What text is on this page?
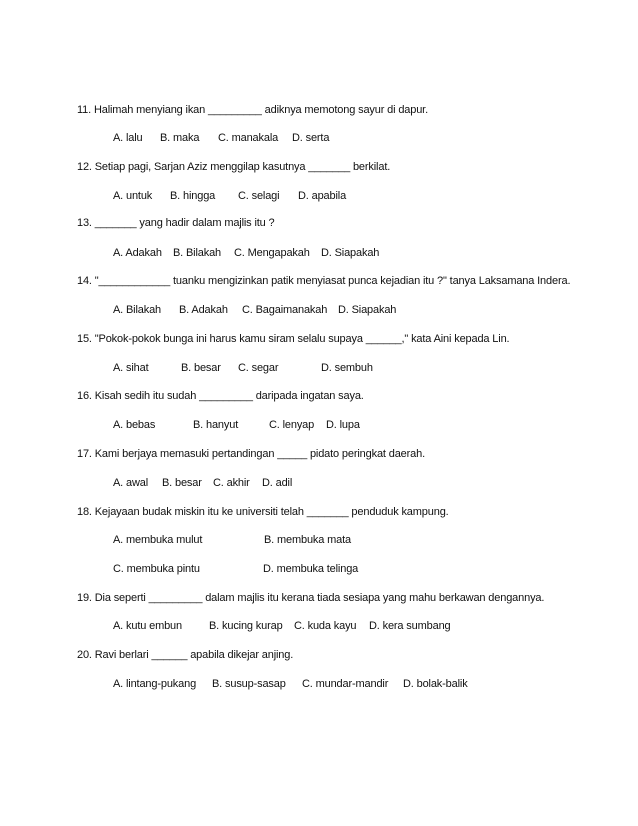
11. Halimah menyiang ikan _________ adiknya memotong sayur di dapur.
A. lalu B. maka C. manakala D. serta
12. Setiap pagi, Sarjan Aziz menggilap kasutnya _______ berkilat.
A. untuk B. hingga C. selagi D. apabila
13. _______ yang hadir dalam majlis itu ?
A. Adakah B. Bilakah C. Mengapakah D. Siapakah
14. "____________ tuanku mengizinkan patik menyiasat punca kejadian itu ?" tanya Laksamana Indera.
A. Bilakah B. Adakah C. Bagaimanakah D. Siapakah
15. "Pokok-pokok bunga ini harus kamu siram selalu supaya ______," kata Aini kepada Lin.
A. sihat	B. besar C. segar	D. sembuh
16. Kisah sedih itu sudah _________ daripada ingatan saya.
A. bebas	B. hanyut	C. lenyap D. lupa
17. Kami berjaya memasuki pertandingan _____ pidato peringkat daerah.
A. awal B. besar C. akhir D. adil
18. Kejayaan budak miskin itu ke universiti telah _______ penduduk kampung.
A. membuka mulut	B. membuka mata
C. membuka pintu	D. membuka telinga
19. Dia seperti _________ dalam majlis itu kerana tiada sesiapa yang mahu berkawan dengannya.
A. kutu embun B. kucing kurap C. kuda kayu D. kera sumbang
20. Ravi berlari ______ apabila dikejar anjing.
A. lintang-pukang B. susup-sasap C. mundar-mandir D. bolak-balik
